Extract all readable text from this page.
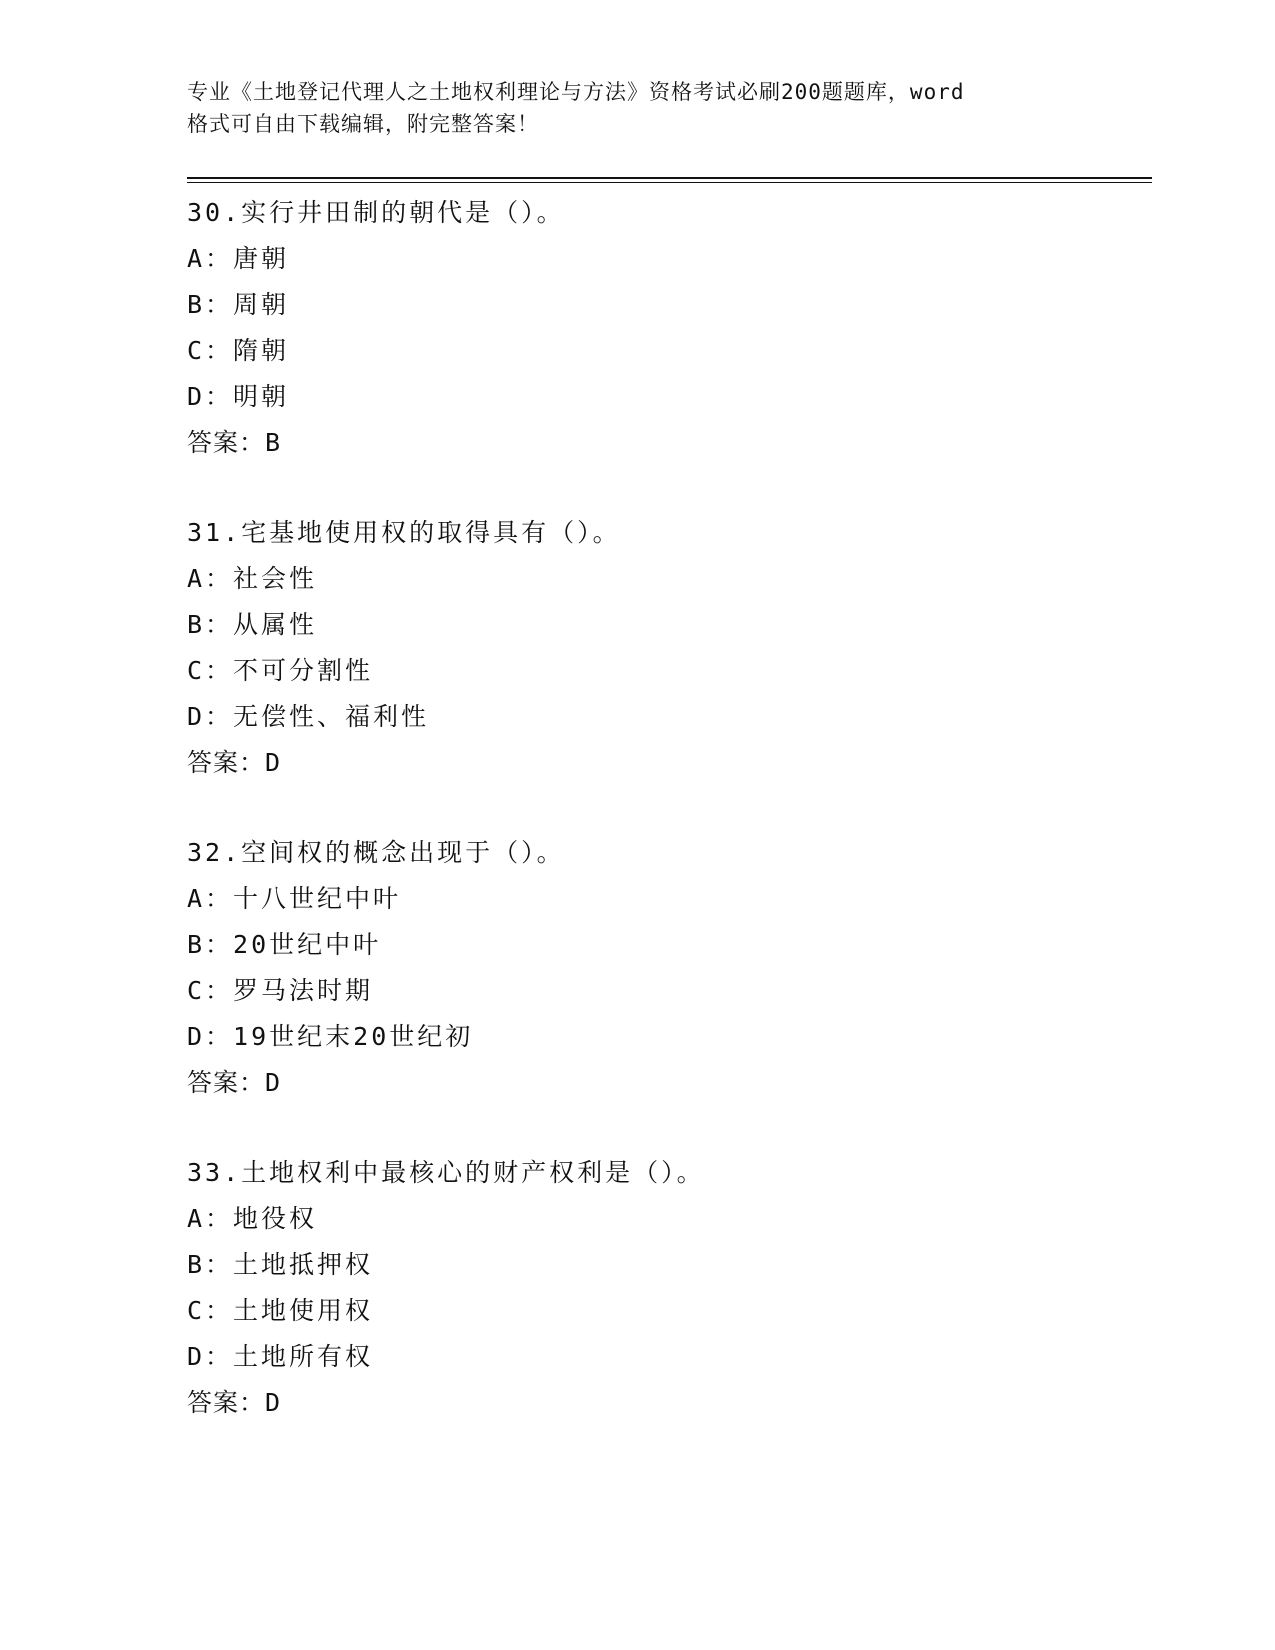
专业《土地登记代理人之土地权利理论与方法》资格考试必刷200题题库，word

格式可自由下载编辑，附完整答案！

30.实行井田制的朝代是（）。
A：唐朝
B：周朝
C：隋朝
D：明朝
答案：B
31.宅基地使用权的取得具有（）。
A：社会性
B：从属性
C：不可分割性
D：无偿性、福利性
答案：D
32.空间权的概念出现于（）。
A：十八世纪中叶
B：20世纪中叶
C：罗马法时期
D：19世纪末20世纪初
答案：D
33.土地权利中最核心的财产权利是（）。
A：地役权
B：土地抵押权
C：土地使用权
D：土地所有权
答案：D
